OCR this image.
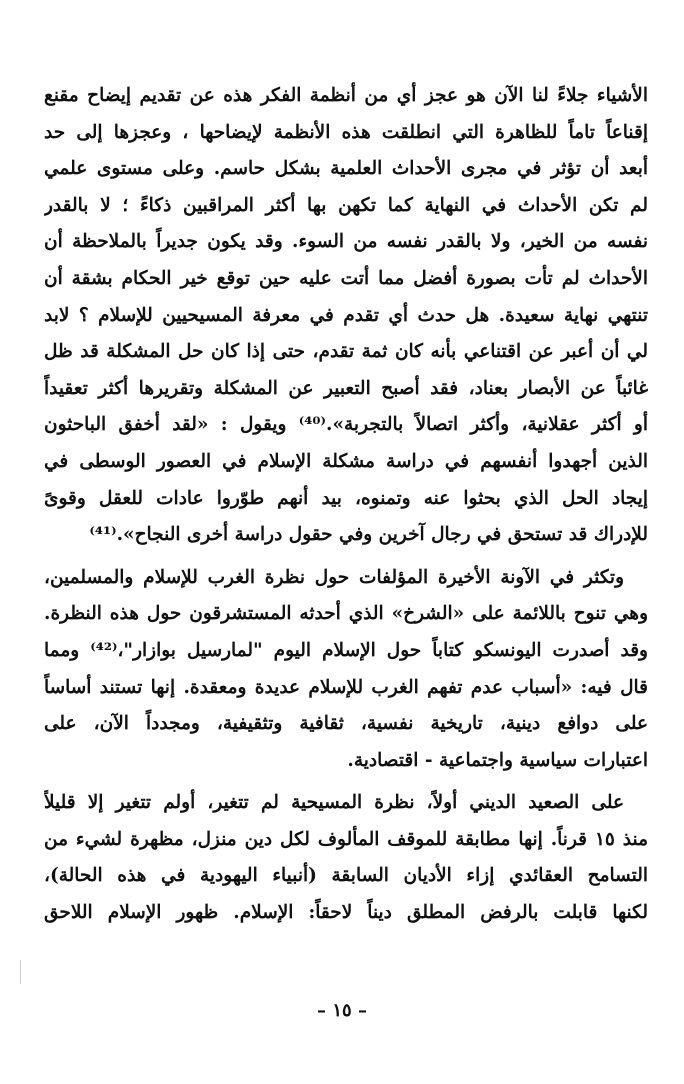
الأشياء جلاءً لنا الآن هو عجز أي من أنظمة الفكر هذه عن تقديم إيضاح مقنع
إقناعاً تاماً للظاهرة التي انطلقت هذه الأنظمة لإيضاحها ، وعجزها إلى حد
أبعد أن تؤثر في مجرى الأحداث العلمية بشكل حاسم. وعلى مستوى علمي
لم تكن الأحداث في النهاية كما تكهن بها أكثر المراقبين ذكاءً ؛ لا بالقدر
نفسه من الخير، ولا بالقدر نفسه من السوء. وقد يكون جديراً بالملاحظة أن
الأحداث لم تأت بصورة أفضل مما أتت عليه حين توقع خير الحكام بشقة أن
تنتهي نهاية سعيدة. هل حدث أي تقدم في معرفة المسيحيين للإسلام ؟ لابد
لي أن أعبر عن اقتناعي بأنه كان ثمة تقدم، حتى إذا كان حل المشكلة قد ظل
غائباً عن الأبصار بعناد، فقد أصبح التعبير عن المشكلة وتقريرها أكثر تعقيداً
أو أكثر عقلانية، وأكثر اتصالاً بالتجربة».⁽⁴⁰⁾ ويقول : «لقد أخفق الباحثون
الذين أجهدوا أنفسهم في دراسة مشكلة الإسلام في العصور الوسطى في
إيجاد الحل الذي بحثوا عنه وتمنوه، بيد أنهم طوّروا عادات للعقل وقوىً
للإدراك قد تستحق في رجال آخرين وفي حقول دراسة أخرى النجاح».⁽⁴¹⁾
وتكثر في الآونة الأخيرة المؤلفات حول نظرة الغرب للإسلام والمسلمين،
وهي تنوح باللائمة على «الشرخ» الذي أحدثه المستشرقون حول هذه النظرة.
وقد أصدرت اليونسكو كتاباً حول الإسلام اليوم "لمارسيل بوازار"،⁽⁴²⁾ ومما
قال فيه: «أسباب عدم تفهم الغرب للإسلام عديدة ومعقدة. إنها تستند أساساً
على دوافع دينية، تاريخية نفسية، ثقافية وتثقيفية، ومجدداً الآن، على
اعتبارات سياسية واجتماعية - اقتصادية.
على الصعيد الديني أولاً، نظرة المسيحية لم تتغير، أولم تتغير إلا قليلاً
منذ ١٥ قرناً. إنها مطابقة للموقف المألوف لكل دين منزل، مظهرة لشيء من
التسامح العقائدي إزاء الأديان السابقة (أنبياء اليهودية في هذه الحالة)،
لكنها قابلت بالرفض المطلق ديناً لاحقاً: الإسلام. ظهور الإسلام اللاحق
– ١٥ –
